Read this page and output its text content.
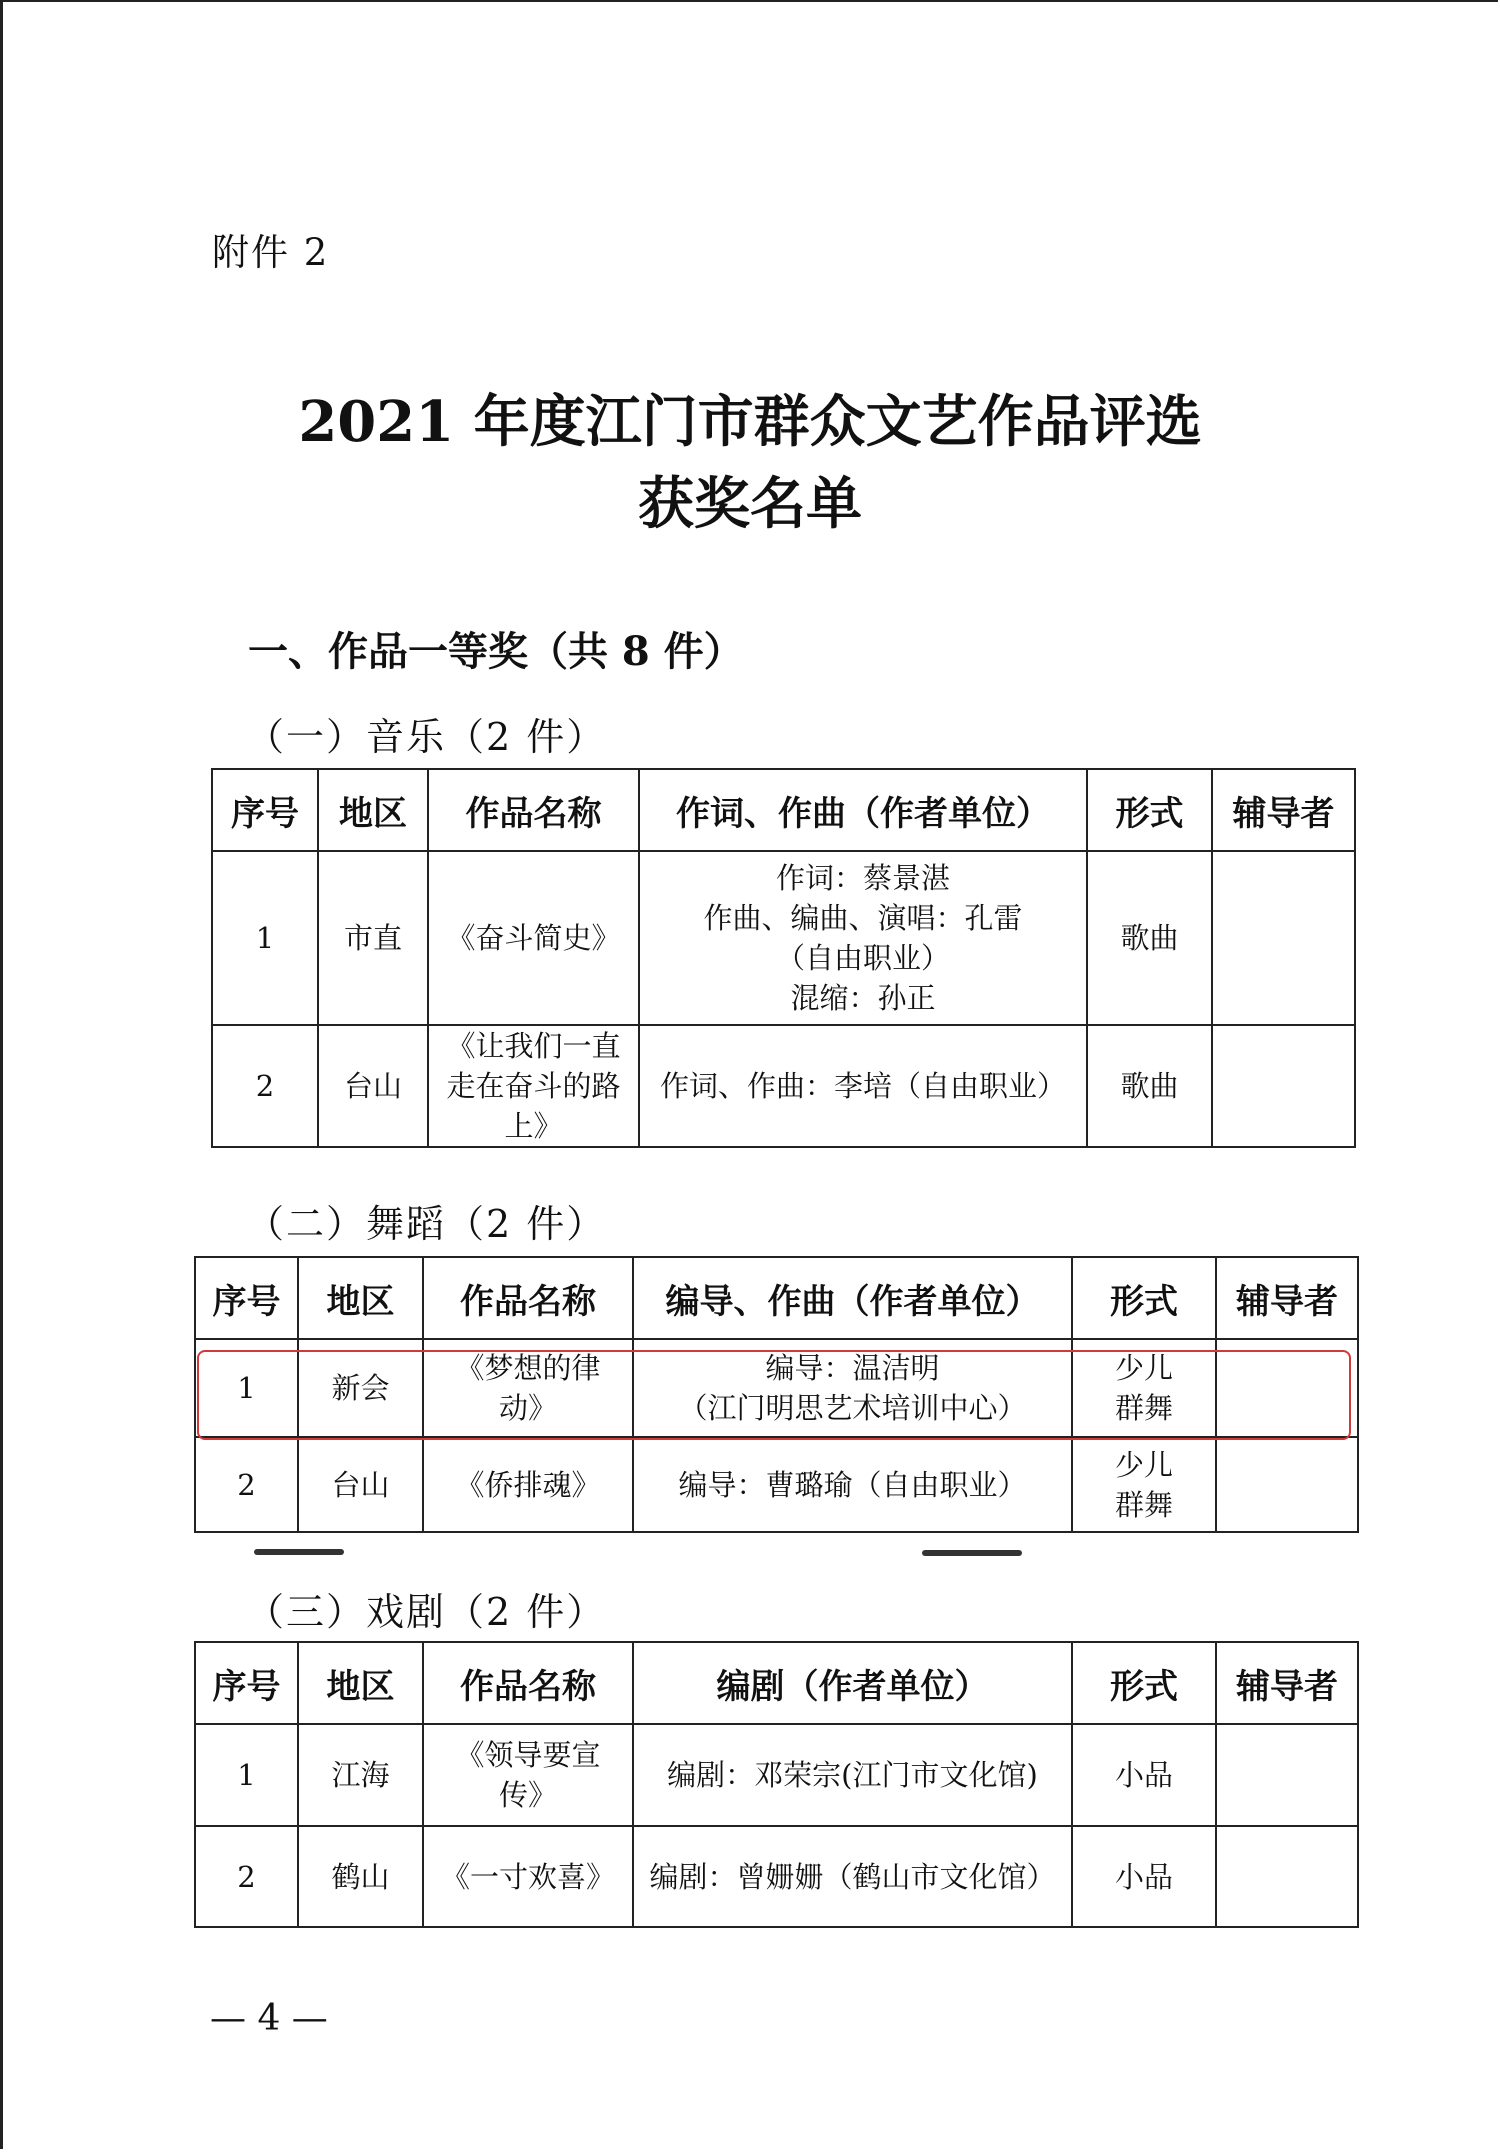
附件 2
2021 年度江门市群众文艺作品评选
获奖名单
一、作品一等奖（共 8 件）
（一）音乐（2 件）
序号	地区	作品名称	作词、作曲（作者单位）	形式	辅导者
1	市直	《奋斗简史》	作词：蔡景湛
作曲、编曲、演唱：孔雷
（自由职业）
混缩：孙正	歌曲	

2	台山	《让我们一直
走在奋斗的路
上》	作词、作曲：李培（自由职业）	歌曲	

（二）舞蹈（2 件）
序号	地区	作品名称	编导、作曲（作者单位）	形式	辅导者
1	新会	《梦想的律
动》	编导：温洁明
（江门明思艺术培训中心）	少儿
群舞	

2	台山	《侨排魂》	编导：曹璐瑜（自由职业）	少儿
群舞	

（三）戏剧（2 件）
序号	地区	作品名称	编剧（作者单位）	形式	辅导者
1	江海	《领导要宣
传》	编剧：邓荣宗(江门市文化馆)	小品	

2	鹤山	《一寸欢喜》	编剧：曾姗姗（鹤山市文化馆）	小品	

— 4 —
